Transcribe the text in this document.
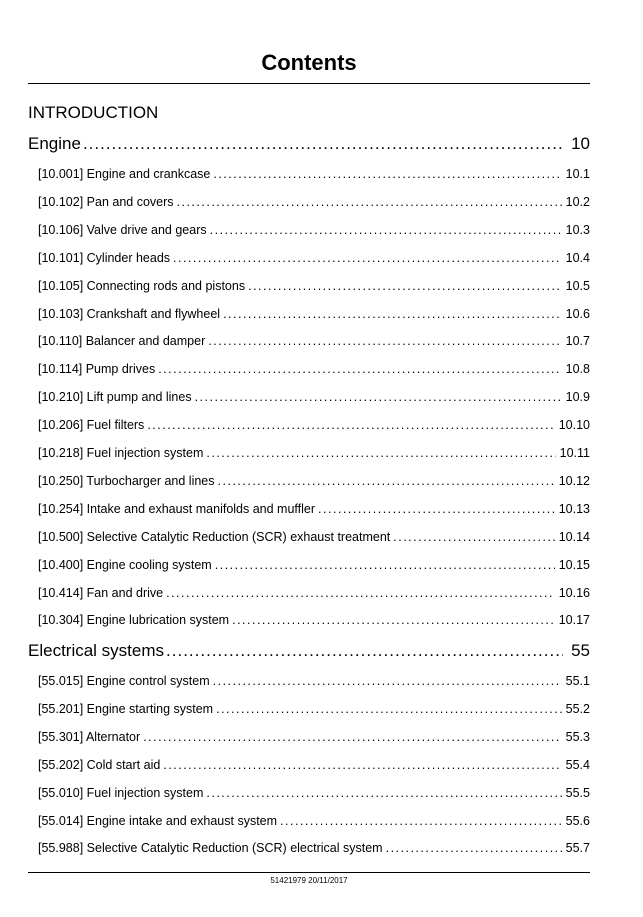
Contents
INTRODUCTION
Engine .....	10
[10.001] Engine and crankcase .....	10.1
[10.102] Pan and covers .....	10.2
[10.106] Valve drive and gears .....	10.3
[10.101] Cylinder heads .....	10.4
[10.105] Connecting rods and pistons .....	10.5
[10.103] Crankshaft and flywheel .....	10.6
[10.110] Balancer and damper .....	10.7
[10.114] Pump drives .....	10.8
[10.210] Lift pump and lines .....	10.9
[10.206] Fuel filters .....	10.10
[10.218] Fuel injection system .....	10.11
[10.250] Turbocharger and lines .....	10.12
[10.254] Intake and exhaust manifolds and muffler .....	10.13
[10.500] Selective Catalytic Reduction (SCR) exhaust treatment .....	10.14
[10.400] Engine cooling system .....	10.15
[10.414] Fan and drive .....	10.16
[10.304] Engine lubrication system .....	10.17
Electrical systems .....	55
[55.015] Engine control system .....	55.1
[55.201] Engine starting system .....	55.2
[55.301] Alternator .....	55.3
[55.202] Cold start aid .....	55.4
[55.010] Fuel injection system .....	55.5
[55.014] Engine intake and exhaust system .....	55.6
[55.988] Selective Catalytic Reduction (SCR) electrical system .....	55.7
51421979 20/11/2017
